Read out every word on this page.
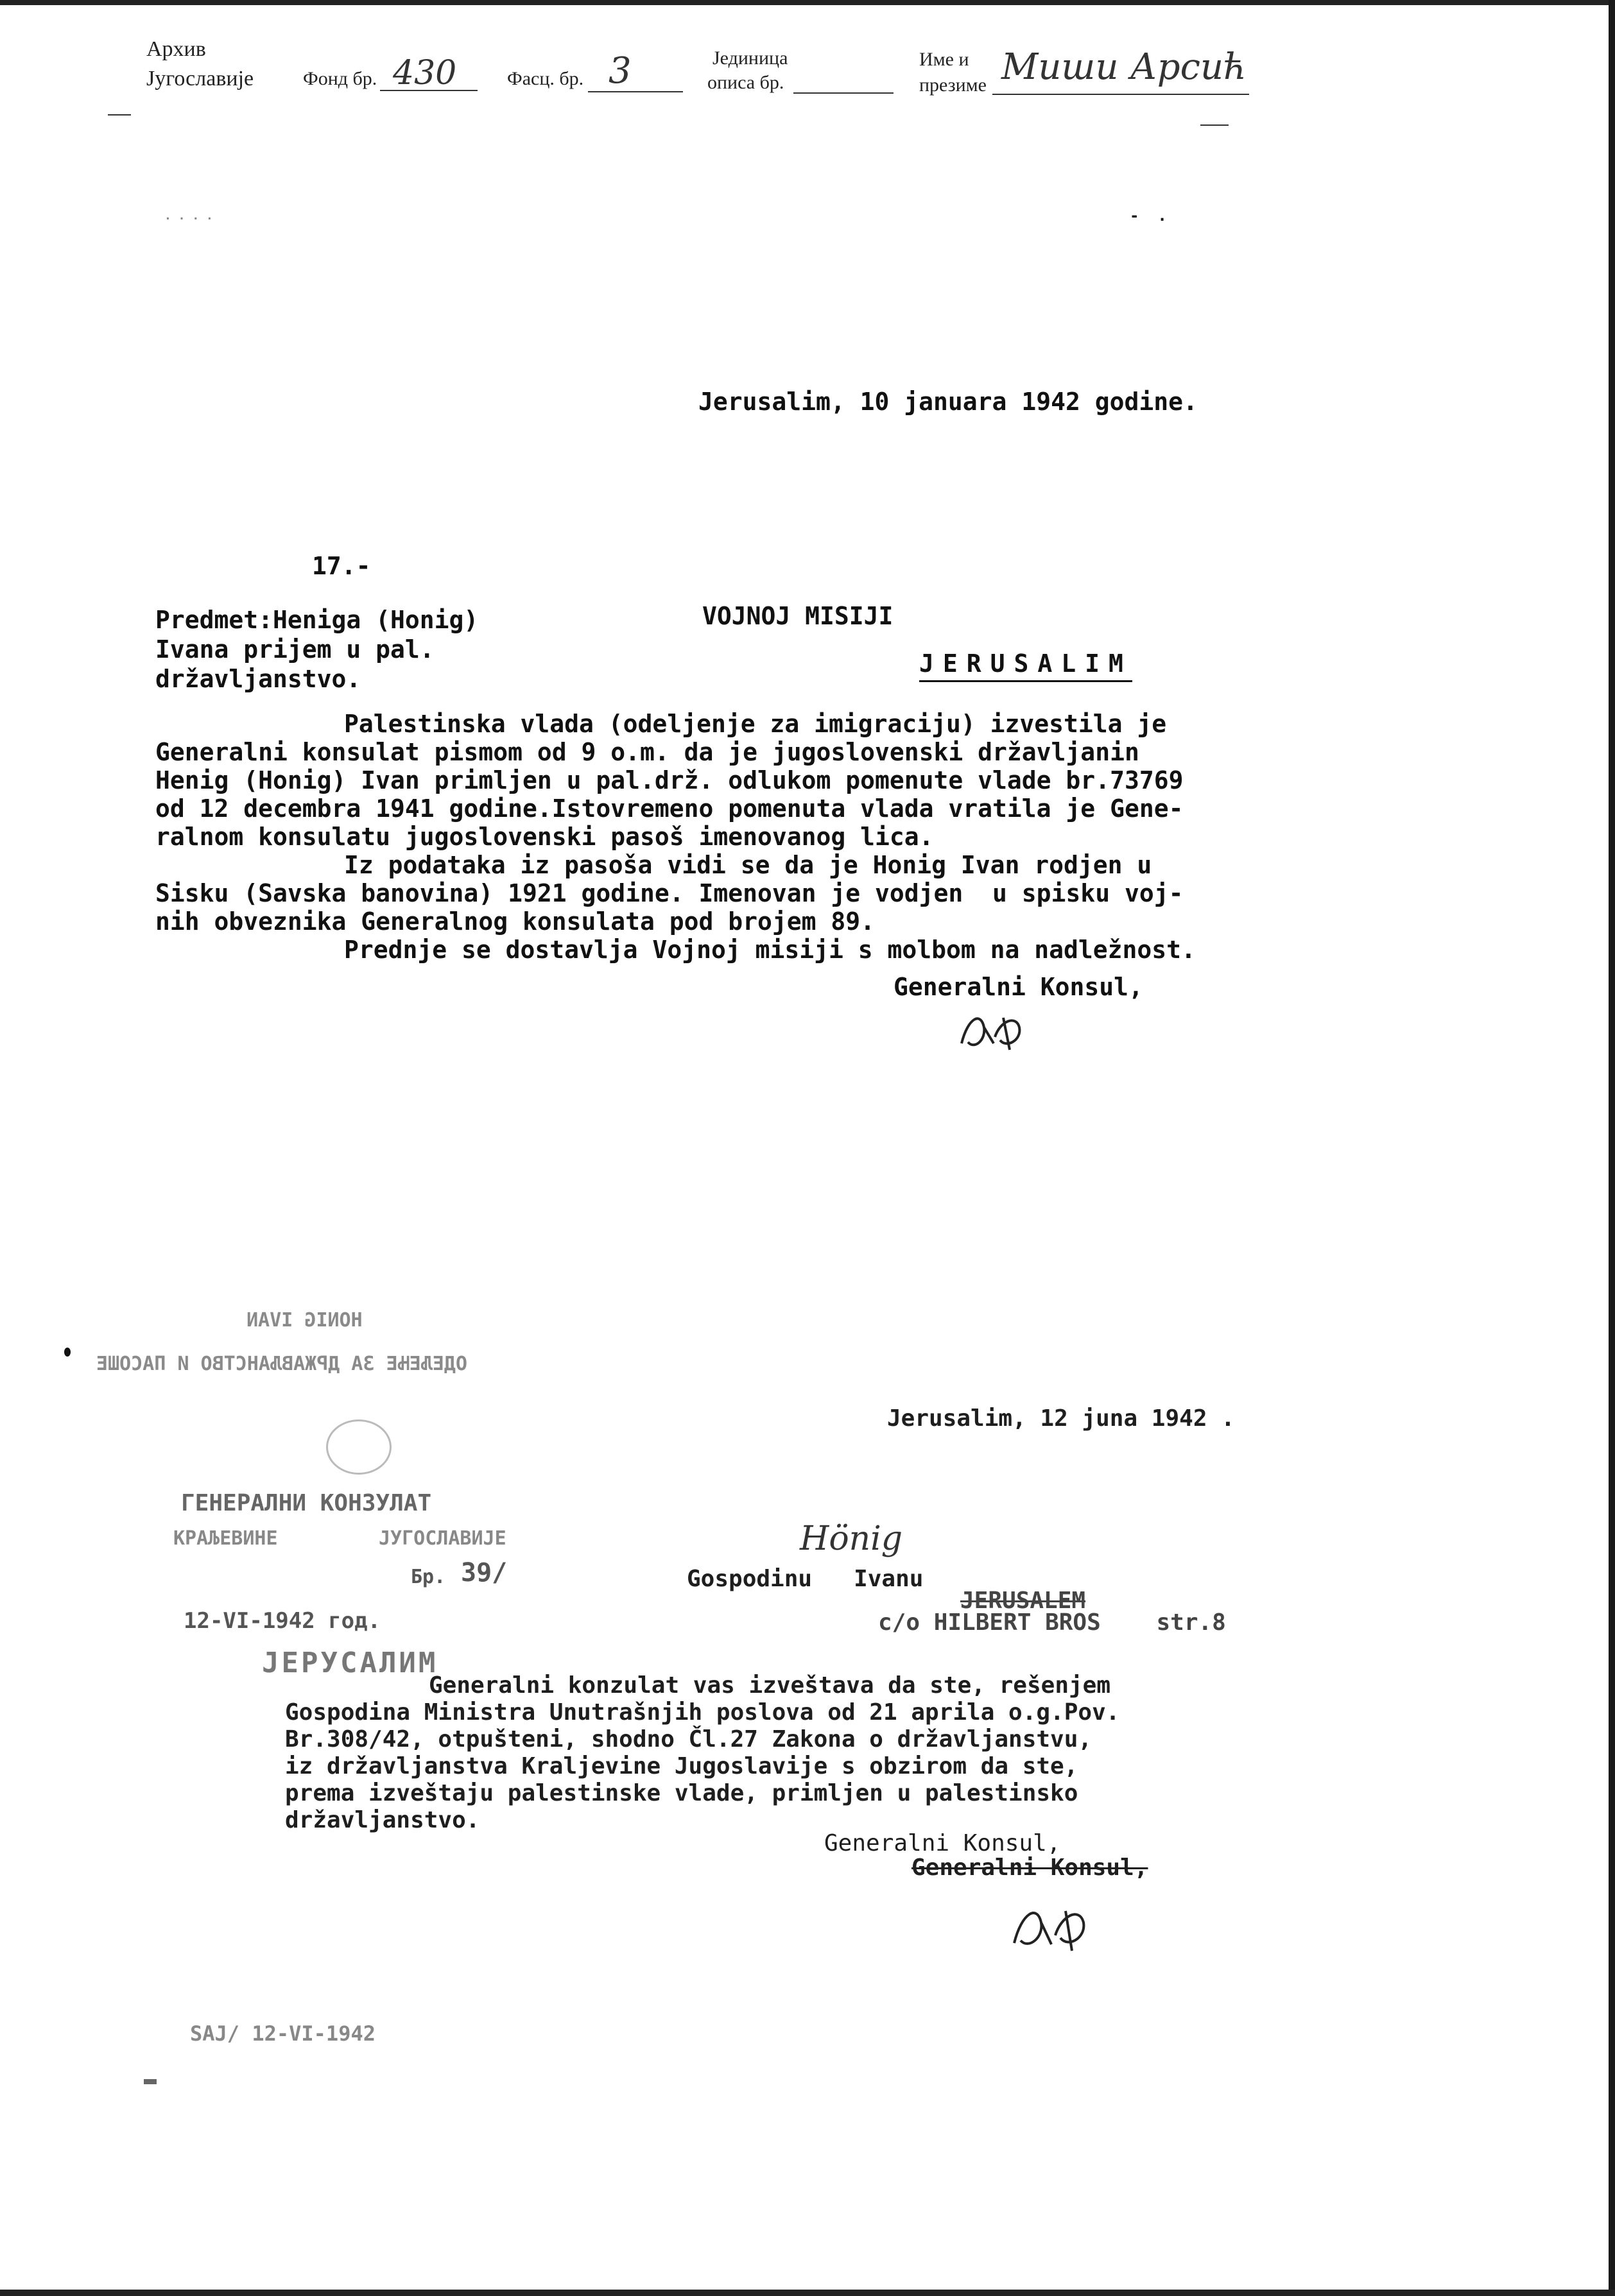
Архив
Југославије	Фонд бр. 430	Фасц. бр. 3	Јединица
описа бр.
Име и
презиме Миши Арсић
. . . .	-  .
Jerusalim, 10 januara 1942 godine.
17.-
Predmet:Heniga (Honig)
Ivana prijem u pal.
državljanstvo.
VOJNOJ MISIJI
JERUSALIM
Palestinska vlada (odeljenje za imigraciju) izvestila je
Generalni konsulat pismom od 9 o.m. da je jugoslovenski državljanin
Henig (Honig) Ivan primljen u pal.drž. odlukom pomenute vlade br.73769
od 12 decembra 1941 godine.Istovremeno pomenuta vlada vratila je Gene-
ralnom konsulatu jugoslovenski pasoš imenovanog lica.
Iz podataka iz pasoša vidi se da je Honig Ivan rodjen u
Sisku (Savska banovina) 1921 godine. Imenovan je vodjen  u spisku voj-
nih obveznika Generalnog konsulata pod brojem 89.
Prednje se dostavlja Vojnoj misiji s molbom na nadležnost.
Generalni Konsul,
HONIG IVAN
ОДЕЉЕЊЕ ЗА ДРЖАВЉАНСТВО И ПАСОШЕ
Jerusalim, 12 juna 1942 .
ГЕНЕРАЛНИ КОНЗУЛАТ
КРАЉЕВИНЕ	ЈУГОСЛАВИЈЕ
Бр. 39/
12-VI-1942 год.
ЈЕРУСАЛИМ
Hönig
Gospodinu   Ivanu
JERUSALEM
c/o HILBERT BROS    str.8
Generalni konzulat vas izveštava da ste, rešenjem
Gospodina Ministra Unutrašnjih poslova od 21 aprila o.g.Pov.
Br.308/42, otpušteni, shodno Čl.27 Zakona o državljanstvu,
iz državljanstva Kraljevine Jugoslavije s obzirom da ste,
prema izveštaju palestinske vlade, primljen u palestinsko
državljanstvo.
Generalni Konsul,
Generalni Konsul,
SAJ/ 12-VI-1942
